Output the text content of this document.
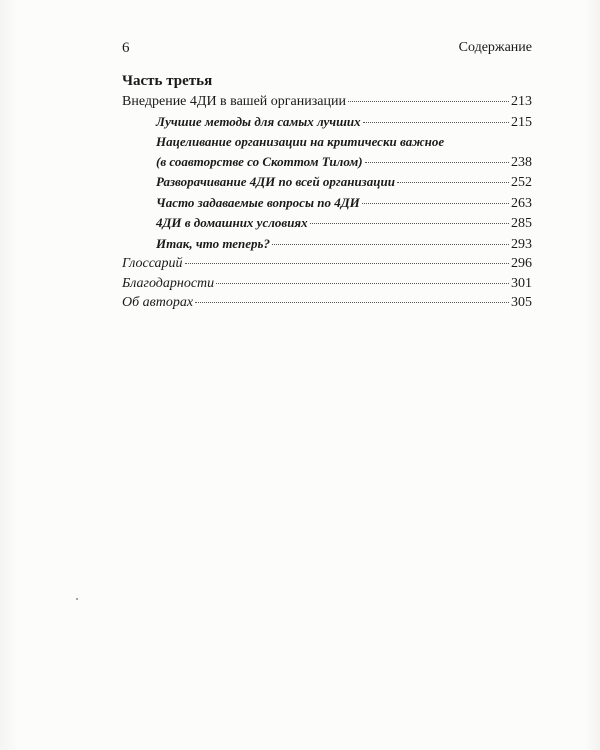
6	Содержание
Часть третья
Внедрение 4ДИ в вашей организации	213
Лучшие методы для самых лучших	215
Нацеливание организации на критически важное
(в соавторстве со Скоттом Тилом)	238
Разворачивание 4ДИ по всей организации	252
Часто задаваемые вопросы по 4ДИ	263
4ДИ в домашних условиях	285
Итак, что теперь?	293
Глоссарий	296
Благодарности	301
Об авторах	305
